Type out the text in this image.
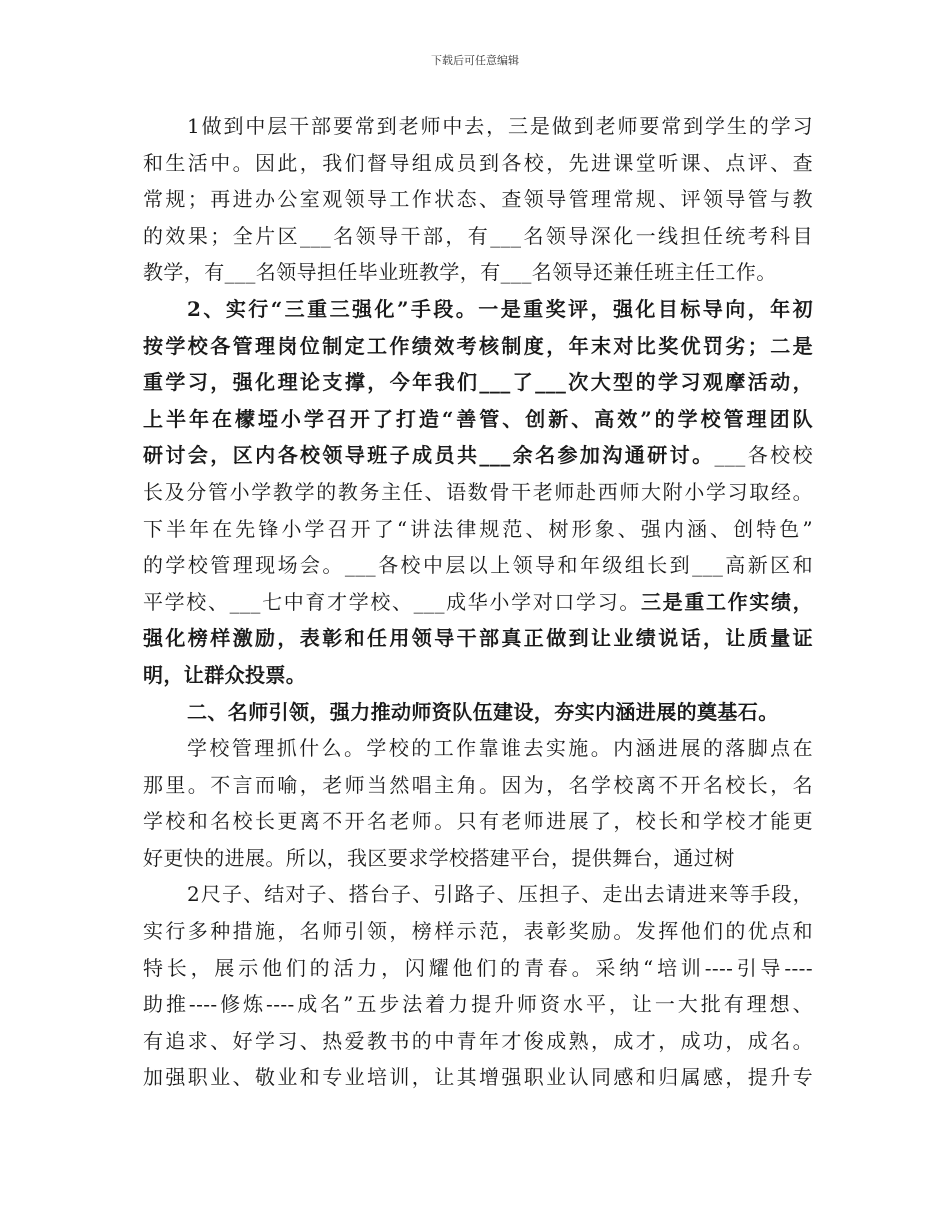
下载后可任意编辑
1做到中层干部要常到老师中去，三是做到老师要常到学生的学习
和生活中。因此，我们督导组成员到各校，先进课堂听课、点评、查
常规；再进办公室观领导工作状态、查领导管理常规、评领导管与教
的效果；全片区___名领导干部，有___名领导深化一线担任统考科目
教学，有___名领导担任毕业班教学，有___名领导还兼任班主任工作。
2、实行“三重三强化”手段。一是重奖评，强化目标导向，年初
按学校各管理岗位制定工作绩效考核制度，年末对比奖优罚劣；二是
重学习，强化理论支撑，今年我们___了___次大型的学习观摩活动，
上半年在檬埡小学召开了打造“善管、创新、高效”的学校管理团队
研讨会，区内各校领导班子成员共___余名参加沟通研讨。___各校校
长及分管小学教学的教务主任、语数骨干老师赴西师大附小学习取经。
下半年在先锋小学召开了“讲法律规范、树形象、强内涵、创特色”
的学校管理现场会。___各校中层以上领导和年级组长到___高新区和
平学校、___七中育才学校、___成华小学对口学习。三是重工作实绩，
强化榜样激励，表彰和任用领导干部真正做到让业绩说话，让质量证
明，让群众投票。
二、名师引领，强力推动师资队伍建设，夯实内涵进展的奠基石。
学校管理抓什么。学校的工作靠谁去实施。内涵进展的落脚点在
那里。不言而喻，老师当然唱主角。因为，名学校离不开名校长，名
学校和名校长更离不开名老师。只有老师进展了，校长和学校才能更
好更快的进展。所以，我区要求学校搭建平台，提供舞台，通过树
2尺子、结对子、搭台子、引路子、压担子、走出去请进来等手段，
实行多种措施，名师引领，榜样示范，表彰奖励。发挥他们的优点和
特长，展示他们的活力，闪耀他们的青春。采纳“培训----引导----
助推----修炼----成名”五步法着力提升师资水平，让一大批有理想、
有追求、好学习、热爱教书的中青年才俊成熟，成才，成功，成名。
加强职业、敬业和专业培训，让其增强职业认同感和归属感，提升专
